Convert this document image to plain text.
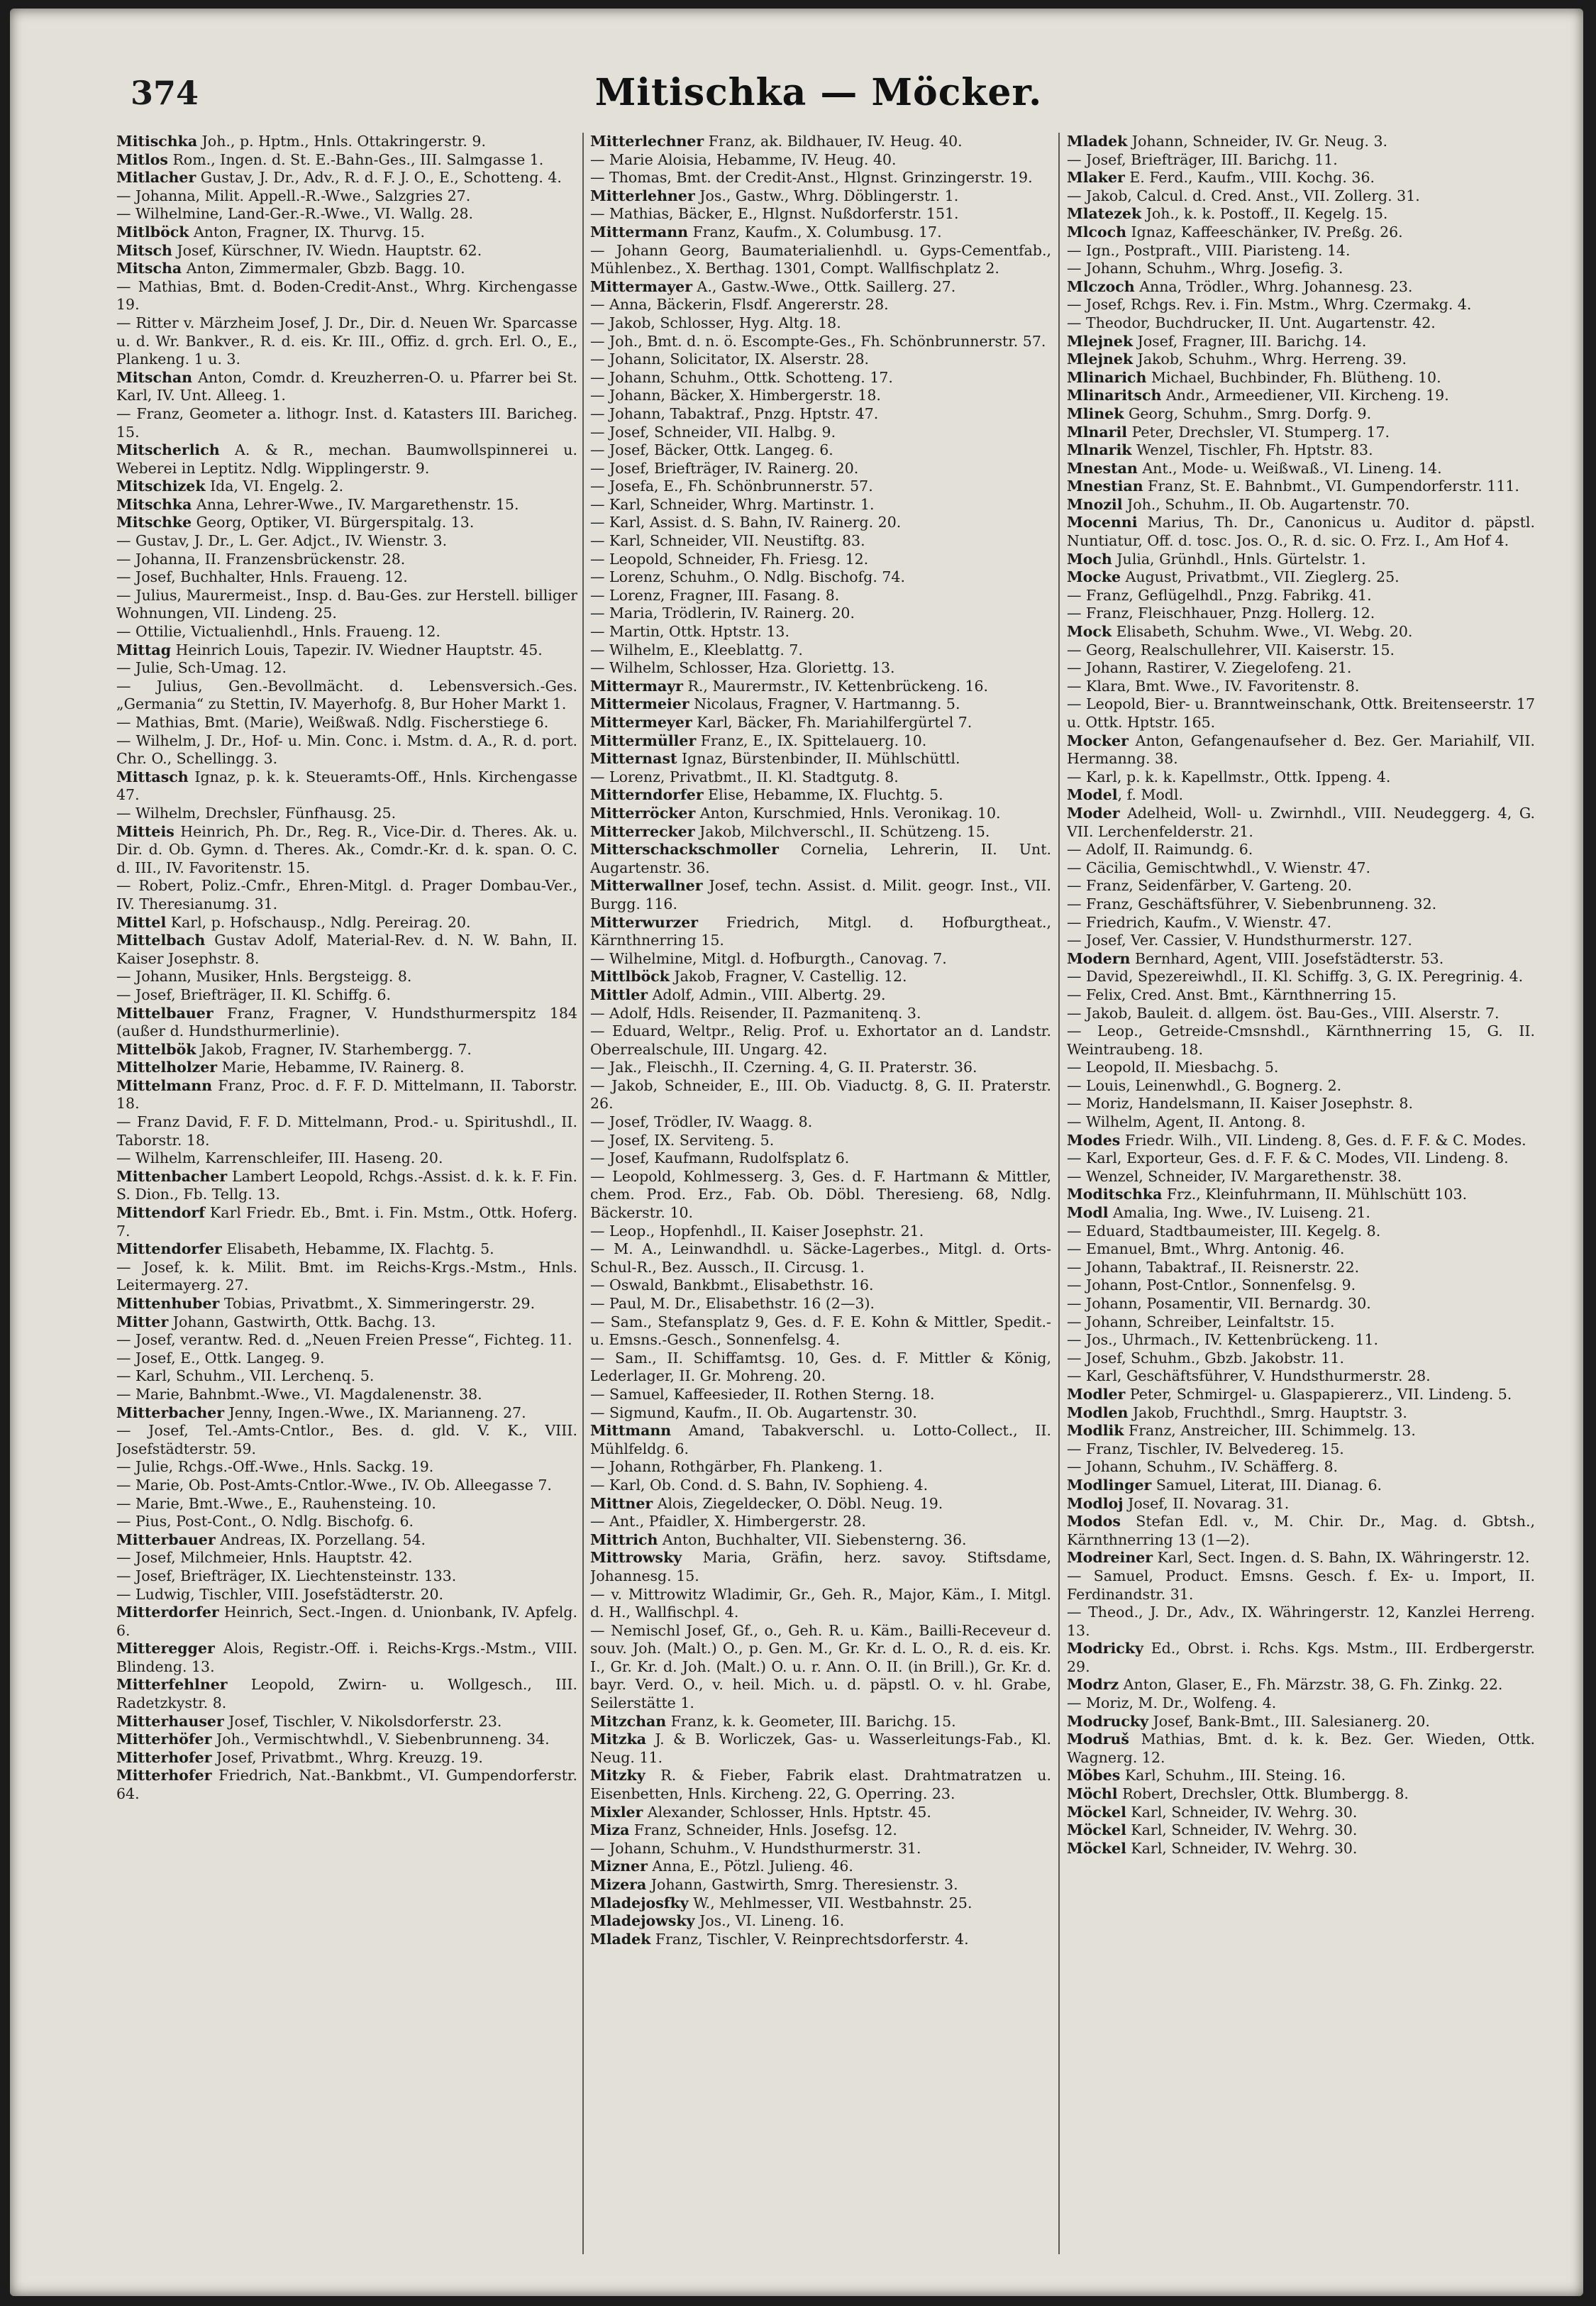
374	Mitischka — Möcker.

Mitischka Joh., p. Hptm., Hnls. Ottakringerstr. 9.

Mitlos Rom., Ingen. d. St. E.-Bahn-Ges., III. Salmgasse 1.

Mitlacher Gustav, J. Dr., Adv., R. d. F. J. O., E., Schotteng. 4.

— Johanna, Milit. Appell.-R.-Wwe., Salzgries 27.

— Wilhelmine, Land-Ger.-R.-Wwe., VI. Wallg. 28.

Mitlböck Anton, Fragner, IX. Thurvg. 15.

Mitsch Josef, Kürschner, IV. Wiedn. Hauptstr. 62.

Mitscha Anton, Zimmermaler, Gbzb. Bagg. 10.

— Mathias, Bmt. d. Boden-Credit-Anst., Whrg. Kirchengasse 19.

— Ritter v. Märzheim Josef, J. Dr., Dir. d. Neuen Wr. Sparcasse u. d. Wr. Bankver., R. d. eis. Kr. III., Offiz. d. grch. Erl. O., E., Plankeng. 1 u. 3.

Mitschan Anton, Comdr. d. Kreuzherren-O. u. Pfarrer bei St. Karl, IV. Unt. Alleeg. 1.

— Franz, Geometer a. lithogr. Inst. d. Katasters III. Baricheg. 15.

Mitscherlich A. & R., mechan. Baumwollspinnerei u. Weberei in Leptitz. Ndlg. Wipplingerstr. 9.

Mitschizek Ida, VI. Engelg. 2.

Mitschka Anna, Lehrer-Wwe., IV. Margarethenstr. 15.

Mitschke Georg, Optiker, VI. Bürgerspitalg. 13.

— Gustav, J. Dr., L. Ger. Adjct., IV. Wienstr. 3.

— Johanna, II. Franzensbrückenstr. 28.

— Josef, Buchhalter, Hnls. Fraueng. 12.

— Julius, Maurermeist., Insp. d. Bau-Ges. zur Herstell. billiger Wohnungen, VII. Lindeng. 25.

— Ottilie, Victualienhdl., Hnls. Fraueng. 12.

Mittag Heinrich Louis, Tapezir. IV. Wiedner Hauptstr. 45.

— Julie, Sch-Umag. 12.

— Julius, Gen.-Bevollmächt. d. Lebensversich.-Ges. „Germania“ zu Stettin, IV. Mayerhofg. 8, Bur Hoher Markt 1.

— Mathias, Bmt. (Marie), Weißwaß. Ndlg. Fischerstiege 6.

— Wilhelm, J. Dr., Hof- u. Min. Conc. i. Mstm. d. A., R. d. port. Chr. O., Schellingg. 3.

Mittasch Ignaz, p. k. k. Steueramts-Off., Hnls. Kirchengasse 47.

— Wilhelm, Drechsler, Fünfhausg. 25.

Mitteis Heinrich, Ph. Dr., Reg. R., Vice-Dir. d. Theres. Ak. u. Dir. d. Ob. Gymn. d. Theres. Ak., Comdr.-Kr. d. k. span. O. C. d. III., IV. Favoritenstr. 15.

— Robert, Poliz.-Cmfr., Ehren-Mitgl. d. Prager Dombau-Ver., IV. Theresianumg. 31.

Mittel Karl, p. Hofschausp., Ndlg. Pereirag. 20.

Mittelbach Gustav Adolf, Material-Rev. d. N. W. Bahn, II. Kaiser Josephstr. 8.

— Johann, Musiker, Hnls. Bergsteigg. 8.

— Josef, Briefträger, II. Kl. Schiffg. 6.

Mittelbauer Franz, Fragner, V. Hundsthurmerspitz 184 (außer d. Hundsthurmerlinie).

Mittelbök Jakob, Fragner, IV. Starhembergg. 7.

Mittelholzer Marie, Hebamme, IV. Rainerg. 8.

Mittelmann Franz, Proc. d. F. F. D. Mittelmann, II. Taborstr. 18.

— Franz David, F. F. D. Mittelmann, Prod.- u. Spiritushdl., II. Taborstr. 18.

— Wilhelm, Karrenschleifer, III. Haseng. 20.

Mittenbacher Lambert Leopold, Rchgs.-Assist. d. k. k. F. Fin. S. Dion., Fb. Tellg. 13.

Mittendorf Karl Friedr. Eb., Bmt. i. Fin. Mstm., Ottk. Hoferg. 7.

Mittendorfer Elisabeth, Hebamme, IX. Flachtg. 5.

— Josef, k. k. Milit. Bmt. im Reichs-Krgs.-Mstm., Hnls. Leitermayerg. 27.

Mittenhuber Tobias, Privatbmt., X. Simmeringerstr. 29.

Mitter Johann, Gastwirth, Ottk. Bachg. 13.

— Josef, verantw. Red. d. „Neuen Freien Presse“, Fichteg. 11.

— Josef, E., Ottk. Langeg. 9.

— Karl, Schuhm., VII. Lerchenq. 5.

— Marie, Bahnbmt.-Wwe., VI. Magdalenenstr. 38.

Mitterbacher Jenny, Ingen.-Wwe., IX. Marianneng. 27.

— Josef, Tel.-Amts-Cntlor., Bes. d. gld. V. K., VIII. Josefstädterstr. 59.

— Julie, Rchgs.-Off.-Wwe., Hnls. Sackg. 19.

— Marie, Ob. Post-Amts-Cntlor.-Wwe., IV. Ob. Alleegasse 7.

— Marie, Bmt.-Wwe., E., Rauhensteing. 10.

— Pius, Post-Cont., O. Ndlg. Bischofg. 6.

Mitterbauer Andreas, IX. Porzellang. 54.

— Josef, Milchmeier, Hnls. Hauptstr. 42.

— Josef, Briefträger, IX. Liechtensteinstr. 133.

— Ludwig, Tischler, VIII. Josefstädterstr. 20.

Mitterdorfer Heinrich, Sect.-Ingen. d. Unionbank, IV. Apfelg. 6.

Mitteregger Alois, Registr.-Off. i. Reichs-Krgs.-Mstm., VIII. Blindeng. 13.

Mitterfehlner Leopold, Zwirn- u. Wollgesch., III. Radetzkystr. 8.

Mitterhauser Josef, Tischler, V. Nikolsdorferstr. 23.

Mitterhöfer Joh., Vermischtwhdl., V. Siebenbrunneng. 34.

Mitterhofer Josef, Privatbmt., Whrg. Kreuzg. 19.

Mitterhofer Friedrich, Nat.-Bankbmt., VI. Gumpendorferstr. 64.

Mitterlechner Franz, ak. Bildhauer, IV. Heug. 40.

— Marie Aloisia, Hebamme, IV. Heug. 40.

— Thomas, Bmt. der Credit-Anst., Hlgnst. Grinzingerstr. 19.

Mitterlehner Jos., Gastw., Whrg. Döblingerstr. 1.

— Mathias, Bäcker, E., Hlgnst. Nußdorferstr. 151.

Mittermann Franz, Kaufm., X. Columbusg. 17.

— Johann Georg, Baumaterialienhdl. u. Gyps-Cementfab., Mühlenbez., X. Berthag. 1301, Compt. Wallfischplatz 2.

Mittermayer A., Gastw.-Wwe., Ottk. Saillerg. 27.

— Anna, Bäckerin, Flsdf. Angererstr. 28.

— Jakob, Schlosser, Hyg. Altg. 18.

— Joh., Bmt. d. n. ö. Escompte-Ges., Fh. Schönbrunnerstr. 57.

— Johann, Solicitator, IX. Alserstr. 28.

— Johann, Schuhm., Ottk. Schotteng. 17.

— Johann, Bäcker, X. Himbergerstr. 18.

— Johann, Tabaktraf., Pnzg. Hptstr. 47.

— Josef, Schneider, VII. Halbg. 9.

— Josef, Bäcker, Ottk. Langeg. 6.

— Josef, Briefträger, IV. Rainerg. 20.

— Josefa, E., Fh. Schönbrunnerstr. 57.

— Karl, Schneider, Whrg. Martinstr. 1.

— Karl, Assist. d. S. Bahn, IV. Rainerg. 20.

— Karl, Schneider, VII. Neustiftg. 83.

— Leopold, Schneider, Fh. Friesg. 12.

— Lorenz, Schuhm., O. Ndlg. Bischofg. 74.

— Lorenz, Fragner, III. Fasang. 8.

— Maria, Trödlerin, IV. Rainerg. 20.

— Martin, Ottk. Hptstr. 13.

— Wilhelm, E., Kleeblattg. 7.

— Wilhelm, Schlosser, Hza. Gloriettg. 13.

Mittermayr R., Maurermstr., IV. Kettenbrückeng. 16.

Mittermeier Nicolaus, Fragner, V. Hartmanng. 5.

Mittermeyer Karl, Bäcker, Fh. Mariahilfergürtel 7.

Mittermüller Franz, E., IX. Spittelauerg. 10.

Mitternast Ignaz, Bürstenbinder, II. Mühlschüttl.

— Lorenz, Privatbmt., II. Kl. Stadtgutg. 8.

Mitterndorfer Elise, Hebamme, IX. Fluchtg. 5.

Mitterröcker Anton, Kurschmied, Hnls. Veronikag. 10.

Mitterrecker Jakob, Milchverschl., II. Schützeng. 15.

Mitterschackschmoller Cornelia, Lehrerin, II. Unt. Augartenstr. 36.

Mitterwallner Josef, techn. Assist. d. Milit. geogr. Inst., VII. Burgg. 116.

Mitterwurzer Friedrich, Mitgl. d. Hofburgtheat., Kärnthnerring 15.

— Wilhelmine, Mitgl. d. Hofburgth., Canovag. 7.

Mittlböck Jakob, Fragner, V. Castellig. 12.

Mittler Adolf, Admin., VIII. Albertg. 29.

— Adolf, Hdls. Reisender, II. Pazmanitenq. 3.

— Eduard, Weltpr., Relig. Prof. u. Exhortator an d. Landstr. Oberrealschule, III. Ungarg. 42.

— Jak., Fleischh., II. Czerning. 4, G. II. Praterstr. 36.

— Jakob, Schneider, E., III. Ob. Viaductg. 8, G. II. Praterstr. 26.

— Josef, Trödler, IV. Waagg. 8.

— Josef, IX. Serviteng. 5.

— Josef, Kaufmann, Rudolfsplatz 6.

— Leopold, Kohlmesserg. 3, Ges. d. F. Hartmann & Mittler, chem. Prod. Erz., Fab. Ob. Döbl. Theresieng. 68, Ndlg. Bäckerstr. 10.

— Leop., Hopfenhdl., II. Kaiser Josephstr. 21.

— M. A., Leinwandhdl. u. Säcke-Lagerbes., Mitgl. d. Orts-Schul-R., Bez. Aussch., II. Circusg. 1.

— Oswald, Bankbmt., Elisabethstr. 16.

— Paul, M. Dr., Elisabethstr. 16 (2—3).

— Sam., Stefansplatz 9, Ges. d. F. E. Kohn & Mittler, Spedit.- u. Emsns.-Gesch., Sonnenfelsg. 4.

— Sam., II. Schiffamtsg. 10, Ges. d. F. Mittler & König, Lederlager, II. Gr. Mohreng. 20.

— Samuel, Kaffeesieder, II. Rothen Sterng. 18.

— Sigmund, Kaufm., II. Ob. Augartenstr. 30.

Mittmann Amand, Tabakverschl. u. Lotto-Collect., II. Mühlfeldg. 6.

— Johann, Rothgärber, Fh. Plankeng. 1.

— Karl, Ob. Cond. d. S. Bahn, IV. Sophieng. 4.

Mittner Alois, Ziegeldecker, O. Döbl. Neug. 19.

— Ant., Pfaidler, X. Himbergerstr. 28.

Mittrich Anton, Buchhalter, VII. Siebensterng. 36.

Mittrowsky Maria, Gräfin, herz. savoy. Stiftsdame, Johannesg. 15.

— v. Mittrowitz Wladimir, Gr., Geh. R., Major, Käm., I. Mitgl. d. H., Wallfischpl. 4.

— Nemischl Josef, Gf., o., Geh. R. u. Käm., Bailli-Receveur d. souv. Joh. (Malt.) O., p. Gen. M., Gr. Kr. d. L. O., R. d. eis. Kr. I., Gr. Kr. d. Joh. (Malt.) O. u. r. Ann. O. II. (in Brill.), Gr. Kr. d. bayr. Verd. O., v. heil. Mich. u. d. päpstl. O. v. hl. Grabe, Seilerstätte 1.

Mitzchan Franz, k. k. Geometer, III. Barichg. 15.

Mitzka J. & B. Worliczek, Gas- u. Wasserleitungs-Fab., Kl. Neug. 11.

Mitzky R. & Fieber, Fabrik elast. Drahtmatratzen u. Eisenbetten, Hnls. Kircheng. 22, G. Operring. 23.

Mixler Alexander, Schlosser, Hnls. Hptstr. 45.

Miza Franz, Schneider, Hnls. Josefsg. 12.

— Johann, Schuhm., V. Hundsthurmerstr. 31.

Mizner Anna, E., Pötzl. Julieng. 46.

Mizera Johann, Gastwirth, Smrg. Theresienstr. 3.

Mladejosfky W., Mehlmesser, VII. Westbahnstr. 25.

Mladejowsky Jos., VI. Lineng. 16.

Mladek Franz, Tischler, V. Reinprechtsdorferstr. 4.

Mladek Johann, Schneider, IV. Gr. Neug. 3.

— Josef, Briefträger, III. Barichg. 11.

Mlaker E. Ferd., Kaufm., VIII. Kochg. 36.

— Jakob, Calcul. d. Cred. Anst., VII. Zollerg. 31.

Mlatezek Joh., k. k. Postoff., II. Kegelg. 15.

Mlcoch Ignaz, Kaffeeschänker, IV. Preßg. 26.

— Ign., Postpraft., VIII. Piaristeng. 14.

— Johann, Schuhm., Whrg. Josefig. 3.

Mlczoch Anna, Trödler., Whrg. Johannesg. 23.

— Josef, Rchgs. Rev. i. Fin. Mstm., Whrg. Czermakg. 4.

— Theodor, Buchdrucker, II. Unt. Augartenstr. 42.

Mlejnek Josef, Fragner, III. Barichg. 14.

Mlejnek Jakob, Schuhm., Whrg. Herreng. 39.

Mlinarich Michael, Buchbinder, Fh. Blütheng. 10.

Mlinaritsch Andr., Armeediener, VII. Kircheng. 19.

Mlinek Georg, Schuhm., Smrg. Dorfg. 9.

Mlnaril Peter, Drechsler, VI. Stumperg. 17.

Mlnarik Wenzel, Tischler, Fh. Hptstr. 83.

Mnestan Ant., Mode- u. Weißwaß., VI. Lineng. 14.

Mnestian Franz, St. E. Bahnbmt., VI. Gumpendorferstr. 111.

Mnozil Joh., Schuhm., II. Ob. Augartenstr. 70.

Mocenni Marius, Th. Dr., Canonicus u. Auditor d. päpstl. Nuntiatur, Off. d. tosc. Jos. O., R. d. sic. O. Frz. I., Am Hof 4.

Moch Julia, Grünhdl., Hnls. Gürtelstr. 1.

Mocke August, Privatbmt., VII. Zieglerg. 25.

— Franz, Geflügelhdl., Pnzg. Fabrikg. 41.

— Franz, Fleischhauer, Pnzg. Hollerg. 12.

Mock Elisabeth, Schuhm. Wwe., VI. Webg. 20.

— Georg, Realschullehrer, VII. Kaiserstr. 15.

— Johann, Rastirer, V. Ziegelofeng. 21.

— Klara, Bmt. Wwe., IV. Favoritenstr. 8.

— Leopold, Bier- u. Branntweinschank, Ottk. Breitenseerstr. 17 u. Ottk. Hptstr. 165.

Mocker Anton, Gefangenaufseher d. Bez. Ger. Mariahilf, VII. Hermanng. 38.

— Karl, p. k. k. Kapellmstr., Ottk. Ippeng. 4.

Model, f. Modl.

Moder Adelheid, Woll- u. Zwirnhdl., VIII. Neudeggerg. 4, G. VII. Lerchenfelderstr. 21.

— Adolf, II. Raimundg. 6.

— Cäcilia, Gemischtwhdl., V. Wienstr. 47.

— Franz, Seidenfärber, V. Garteng. 20.

— Franz, Geschäftsführer, V. Siebenbrunneng. 32.

— Friedrich, Kaufm., V. Wienstr. 47.

— Josef, Ver. Cassier, V. Hundsthurmerstr. 127.

Modern Bernhard, Agent, VIII. Josefstädterstr. 53.

— David, Spezereiwhdl., II. Kl. Schiffg. 3, G. IX. Peregrinig. 4.

— Felix, Cred. Anst. Bmt., Kärnthnerring 15.

— Jakob, Bauleit. d. allgem. öst. Bau-Ges., VIII. Alserstr. 7.

— Leop., Getreide-Cmsnshdl., Kärnthnerring 15, G. II. Weintraubeng. 18.

— Leopold, II. Miesbachg. 5.

— Louis, Leinenwhdl., G. Bognerg. 2.

— Moriz, Handelsmann, II. Kaiser Josephstr. 8.

— Wilhelm, Agent, II. Antong. 8.

Modes Friedr. Wilh., VII. Lindeng. 8, Ges. d. F. F. & C. Modes.

— Karl, Exporteur, Ges. d. F. F. & C. Modes, VII. Lindeng. 8.

— Wenzel, Schneider, IV. Margarethenstr. 38.

Moditschka Frz., Kleinfuhrmann, II. Mühlschütt 103.

Modl Amalia, Ing. Wwe., IV. Luiseng. 21.

— Eduard, Stadtbaumeister, III. Kegelg. 8.

— Emanuel, Bmt., Whrg. Antonig. 46.

— Johann, Tabaktraf., II. Reisnerstr. 22.

— Johann, Post-Cntlor., Sonnenfelsg. 9.

— Johann, Posamentir, VII. Bernardg. 30.

— Johann, Schreiber, Leinfaltstr. 15.

— Jos., Uhrmach., IV. Kettenbrückeng. 11.

— Josef, Schuhm., Gbzb. Jakobstr. 11.

— Karl, Geschäftsführer, V. Hundsthurmerstr. 28.

Modler Peter, Schmirgel- u. Glaspapiererz., VII. Lindeng. 5.

Modlen Jakob, Fruchthdl., Smrg. Hauptstr. 3.

Modlik Franz, Anstreicher, III. Schimmelg. 13.

— Franz, Tischler, IV. Belvedereg. 15.

— Johann, Schuhm., IV. Schäfferg. 8.

Modlinger Samuel, Literat, III. Dianag. 6.

Modloj Josef, II. Novarag. 31.

Modos Stefan Edl. v., M. Chir. Dr., Mag. d. Gbtsh., Kärnthnerring 13 (1—2).

Modreiner Karl, Sect. Ingen. d. S. Bahn, IX. Währingerstr. 12.

— Samuel, Product. Emsns. Gesch. f. Ex- u. Import, II. Ferdinandstr. 31.

— Theod., J. Dr., Adv., IX. Währingerstr. 12, Kanzlei Herreng. 13.

Modricky Ed., Obrst. i. Rchs. Kgs. Mstm., III. Erdbergerstr. 29.

Modrz Anton, Glaser, E., Fh. Märzstr. 38, G. Fh. Zinkg. 22.

— Moriz, M. Dr., Wolfeng. 4.

Modrucky Josef, Bank-Bmt., III. Salesianerg. 20.

Modruš Mathias, Bmt. d. k. k. Bez. Ger. Wieden, Ottk. Wagnerg. 12.

Möbes Karl, Schuhm., III. Steing. 16.

Möchl Robert, Drechsler, Ottk. Blumbergg. 8.

Möckel Karl, Schneider, IV. Wehrg. 30.

Möckel Karl, Schneider, IV. Wehrg. 30.

Möckel Karl, Schneider, IV. Wehrg. 30.
